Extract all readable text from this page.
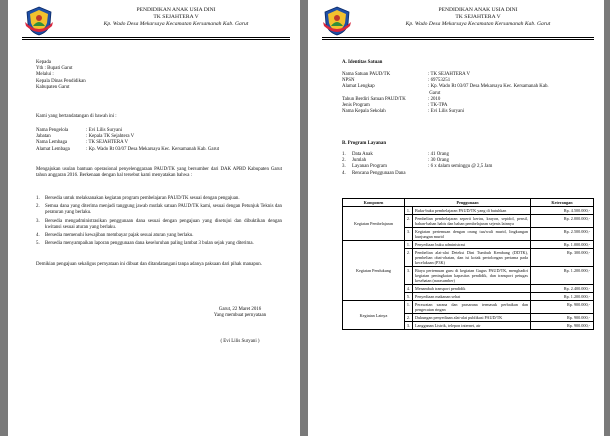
PENDIDIKAN ANAK USIA DINI
TK SEJAHTERA V
Kp. Wado Desa Mekarsaya Kecamatan Kersamanah Kab. Garut
Kepada
Yth : Bupati Garut
Melalui :
Kepala Dinas Pendidikan
Kabupaten Garut
Kami yang bertandatangan di bawah ini :
Nama Pengelola	: Evi Lilis Suryani
Jabatan	: Kepala TK Sejahtera V
Nama Lembaga	: TK SEJAHTERA V
Alamat Lembaga	: Kp. Wado Rt 03/07 Desa Mekarsaya Kec. Kersamanah Kab. Garut
Mengajukan usulan bantuan operasional penyelenggaraan PAUD/TK yang bersumber dari DAK APBD Kabupaten Garut tahun anggaran 2016. Berkenaan dengan hal tersebut kami menyatakan bahwa :
1.	Bersedia untuk melaksanakan kegiatan program pembelajaran PAUD/TK sesuai dengan pengajuan.
2.	Semua dana yang diterima menjadi tanggung jawab mutlak satuan PAUD/TK kami, sesuai dengan Petunjuk Teknis dan peraturan yang berlaku.
3.	Bersedia mengadministrasikan penggunaan dana sesuai dengan pengajuan yang disetujui dan dibuktikan dengan kwitansi sesuai aturan yang berlaku.
4.	Bersedia memenuhi kewajiban membayar pajak sesuai aturan yang berlaku.
5.	Bersedia menyampaikan laporan penggunaan dana keseluruhan paling lambat 3 bulan sejak yang diterima.
Demikian pengajuan sekaligus pernyataan ini dibuat dan ditandatangani tanpa adanya paksaan dari pihak manapun.
Garut, 22 Maret 2016
Yang membuat pernyataan
( Evi Lilis Suryani )
PENDIDIKAN ANAK USIA DINI
TK SEJAHTERA V
Kp. Wado Desa Mekarsaya Kecamatan Kersamanah Kab. Garut
A. Identitas Satuan
Nama Satuan PAUD/TK	: TK SEJAHTERA V
NPSN	: 69753251
Alamat Lengkap	: Kp. Wado Rt 03/07 Desa Mekarsaya Kec. Kersamanah Kab.
Garut
Tahun Berdiri Satuan PAUD/TK	: 2010
Jenis Program	: TK-TPA
Nama Kepala Sekolah	: Evi Lilis Suryani
B. Program Layanan
1. Data Anak	: 41 Orang
2. Jumlah	: 30 Orang
3. Layanan Program	: 6 x dalam seminggu @ 2,5 Jam
4. Rencana Penggunaan Dana
Komponen	Penggunaan		Keterangan
Kegiatan Pembelajaran	1.	Buku-buku pembelajaran PAUD/TK yang di butuhkan	Rp. 4.500.000,-
	2.	Pembelian pembelajaran seperti kertas, krayon, sepidol, pensil, bahan-bahan habis dan bahan pembelajaran sejenis lainnya	Rp. 2.000.000,-
	3.	Kegiatan pertemuan dengan orang tua/wali murid, lingkungan kunjungan murid	Rp. 2.500.000,-
Kegiatan Pendukung	1.	Penyediaan buku administrasi	Rp. 1.000.000,-
	2.	Pembelian alat-alat Deteksi Dini Tumbuh Kembang (DDTK), pembelian obat-obatan, dan isi kotak pertolongan pertama pada kecelakaan (P3K)	Rp. 300.000,-
	3.	Biaya pertemuan guru di kegiatan Gugus PAUD/TK, menghadiri kegiatan peningkatan kapasitas pendidik, dan transport petugas kesehatan (narasumber)	Rp. 1.200.000,-
	4.	Menambah transport pendidik	Rp. 2.400.000,-
	5.	Penyediaan makanan sehat	Rp. 1.200.000,-
Kegiatan Lainya	1.	Perawatan sarana dan prasarana termasuk perbaikan dan pengecatan ringan	Rp. 900.000,-
	2.	Dukungan penyediaan alat-alat publikasi PAUD/TK	Rp. 900.000,-
	3.	Langganan Listrik, telepon internet, air	Rp. 900.000,-
